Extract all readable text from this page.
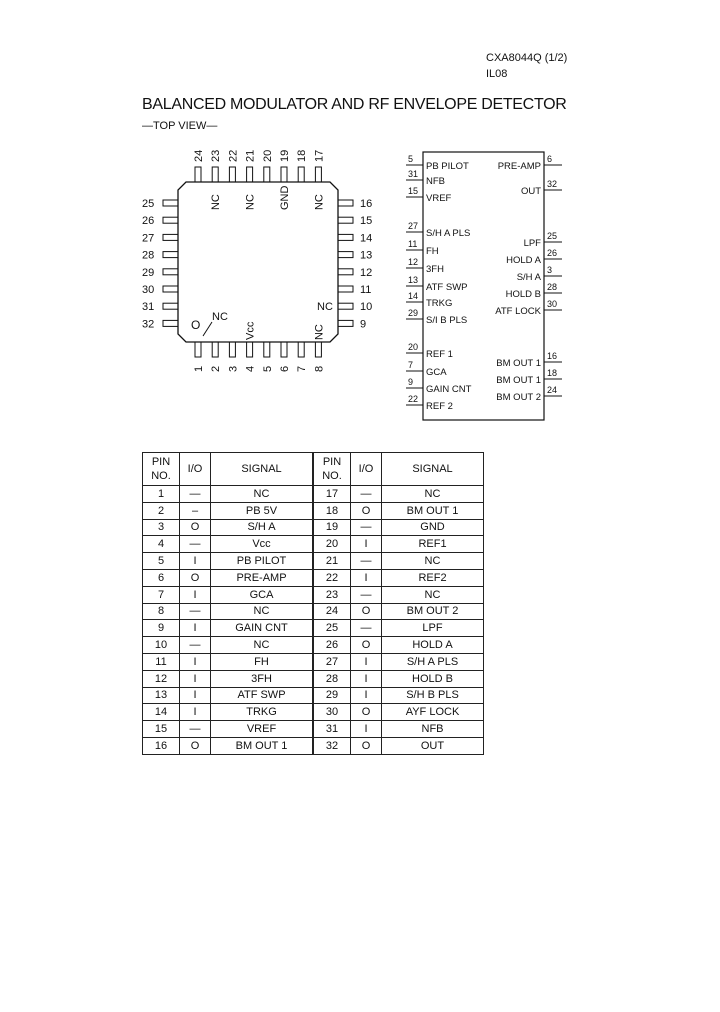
CXA8044Q (1/2)
IL08
BALANCED MODULATOR AND RF ENVELOPE DETECTOR
—TOP VIEW—
24 23
NC
22 21
NC
20 19
GND
18 17
NC
1 2 3 4
Vcc
5 6 7 8
NC
25
26
27
28
29
30
31
32
16
15
14
13
12
11
10
NC
9
O
NC
5
PB PILOT
31
NFB
15
VREF
27
S/H A PLS
11
FH
12
3FH
13
ATF SWP
14
TRKG
29
S/I B PLS
20
REF 1
7
GCA
9
GAIN CNT
22
REF 2
6
PRE-AMP
32
OUT
25
LPF
26
HOLD A
3
S/H A
28
HOLD B
30
ATF LOCK
16
BM OUT 1
18
BM OUT 1
24
BM OUT 2
PIN NO.	I/O	SIGNAL	PIN NO.	I/O	SIGNAL
1	—	NC	17	—	NC
2	–	PB 5V	18	O	BM OUT 1
3	O	S/H A	19	—	GND
4	—	Vcc	20	I	REF1
5	I	PB PILOT	21	—	NC
6	O	PRE-AMP	22	I	REF2
7	I	GCA	23	—	NC
8	—	NC	24	O	BM OUT 2
9	I	GAIN CNT	25	—	LPF
10	—	NC	26	O	HOLD A
11	I	FH	27	I	S/H A PLS
12	I	3FH	28	I	HOLD B
13	I	ATF SWP	29	I	S/H B PLS
14	I	TRKG	30	O	AYF LOCK
15	—	VREF	31	I	NFB
16	O	BM OUT 1	32	O	OUT
